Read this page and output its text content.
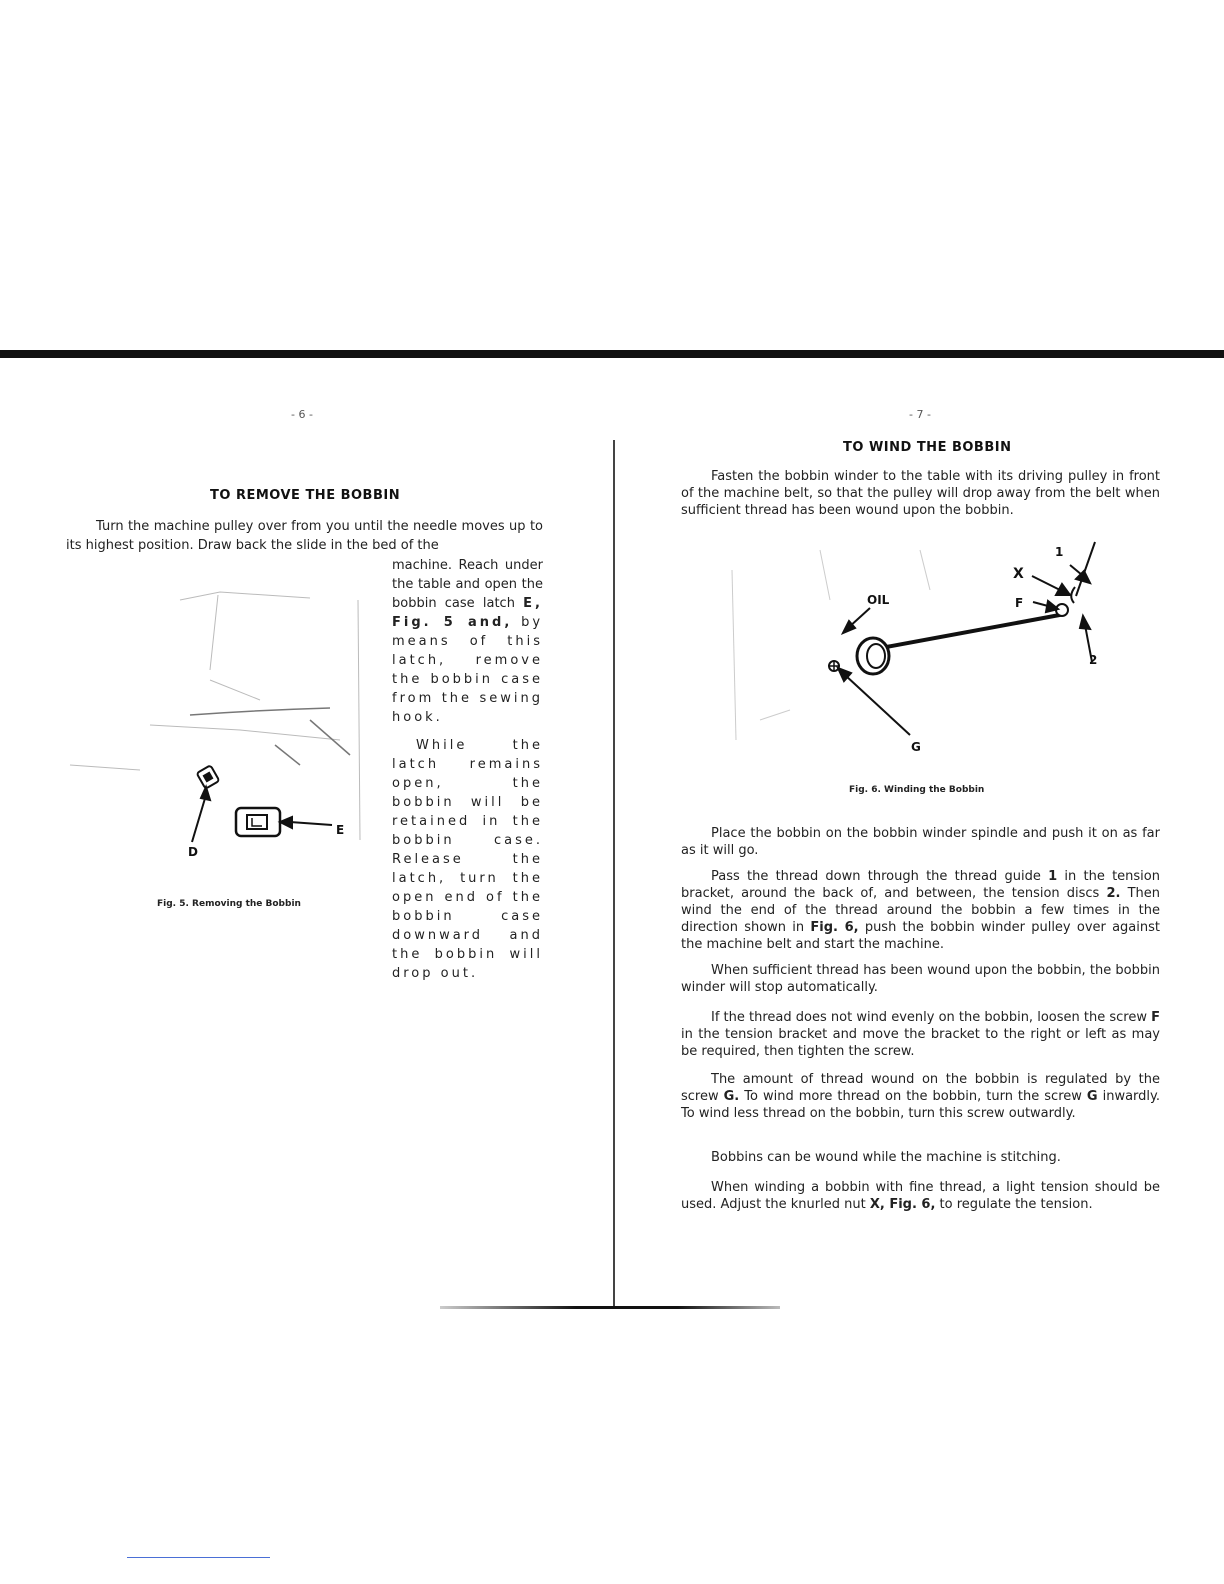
- 6 -
TO REMOVE THE BOBBIN

Turn the machine pulley over from you until the needle moves up to its highest position. Draw back the slide in the bed of the

machine. Reach under the table and open the bobbin case latch E, Fig. 5 and, by means of this latch, remove the bobbin case from the sewing hook.

While the latch remains open, the bobbin will be retained in the bobbin case. Release the latch, turn the open end of the bobbin case downward and the bobbin will drop out.

D
E
Fig. 5. Removing the Bobbin
- 7 -
TO WIND THE BOBBIN

Fasten the bobbin winder to the table with its driving pulley in front of the machine belt, so that the pulley will drop away from the belt when sufficient thread has been wound upon the bobbin.

OIL
X
F
1
2
G
Fig. 6. Winding the Bobbin

Place the bobbin on the bobbin winder spindle and push it on as far as it will go.

Pass the thread down through the thread guide 1 in the tension bracket, around the back of, and between, the tension discs 2. Then wind the end of the thread around the bobbin a few times in the direction shown in Fig. 6, push the bobbin winder pulley over against the machine belt and start the machine.

When sufficient thread has been wound upon the bobbin, the bobbin winder will stop automatically.

If the thread does not wind evenly on the bobbin, loosen the screw F in the tension bracket and move the bracket to the right or left as may be required, then tighten the screw.

The amount of thread wound on the bobbin is regulated by the screw G. To wind more thread on the bobbin, turn the screw G inwardly. To wind less thread on the bobbin, turn this screw outwardly.

Bobbins can be wound while the machine is stitching.

When winding a bobbin with fine thread, a light tension should be used. Adjust the knurled nut X, Fig. 6, to regulate the tension.
